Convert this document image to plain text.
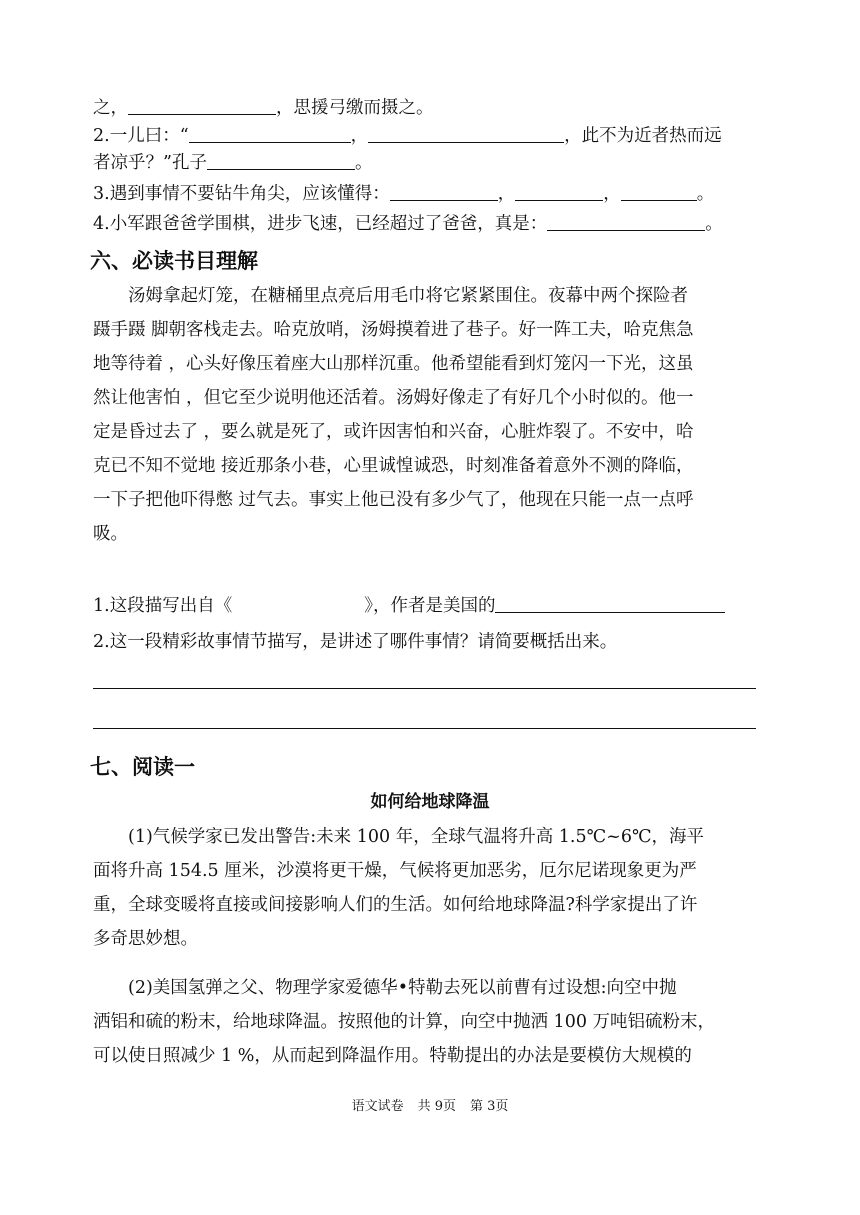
之，	，思援弓缴而摄之。
2.一儿曰：“	，	，此不为近者热而远
者凉乎？”孔子	。
3.遇到事情不要钻牛角尖，应该懂得：	，	，	。
4.小军跟爸爸学围棋，进步飞速，已经超过了爸爸，真是：	。
六、必读书目理解
汤姆拿起灯笼，在糖桶里点亮后用毛巾将它紧紧围住。夜幕中两个探险者
蹑手蹑 脚朝客栈走去。哈克放哨，汤姆摸着进了巷子。好一阵工夫，哈克焦急
地等待着 ，心头好像压着座大山那样沉重。他希望能看到灯笼闪一下光，这虽
然让他害怕 ，但它至少说明他还活着。汤姆好像走了有好几个小时似的。他一
定是昏过去了 ，要么就是死了，或许因害怕和兴奋，心脏炸裂了。不安中，哈
克已不知不觉地 接近那条小巷，心里诚惶诚恐，时刻准备着意外不测的降临，
一下子把他吓得憋 过气去。事实上他已没有多少气了，他现在只能一点一点呼
吸。
1.这段描写出自《	》，作者是美国的
2.这一段精彩故事情节描写，是讲述了哪件事情？请简要概括出来。
七、阅读一
如何给地球降温
(1)气候学家已发出警告:未来 100 年，全球气温将升高 1.5℃~6℃，海平
面将升高 154.5 厘米，沙漠将更干燥，气候将更加恶劣，厄尔尼诺现象更为严
重，全球变暖将直接或间接影响人们的生活。如何给地球降温?科学家提出了许
多奇思妙想。
(2)美国氢弹之父、物理学家爱德华•特勒去死以前曹有过设想:向空中抛
洒铝和硫的粉末，给地球降温。按照他的计算，向空中抛洒 100 万吨铝硫粉末，
可以使日照减少 1 %，从而起到降温作用。特勒提出的办法是要模仿大规模的
语文试卷 共 9页 第 3页
